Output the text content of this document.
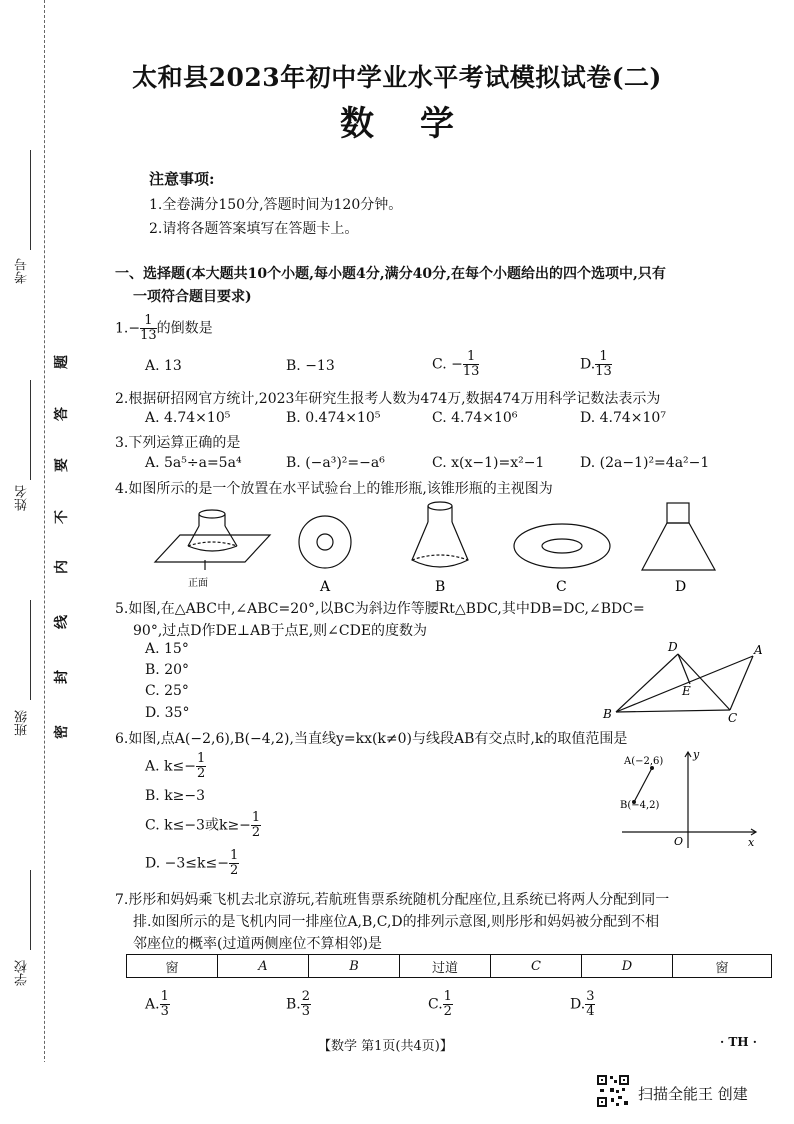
考号
姓名
班级
学校
密
封
线
内
不
要
答
题
太和县2023年初中学业水平考试模拟试卷(二)
数学
注意事项:
1.全卷满分150分,答题时间为120分钟。
2.请将各题答案填写在答题卡上。
一、选择题(本大题共10个小题,每小题4分,满分40分,在每个小题给出的四个选项中,只有
一项符合题目要求)
$1.- \frac{1}{13}$ 的倒数是
A. 13	B. −13	C. − $\frac{1}{13}$	D. $\frac{1}{13}$
2.根据研招网官方统计,2023年研究生报考人数为474万,数据474万用科学记数法表示为
A. 4.74×10⁵	B. 0.474×10⁵	C. 4.74×10⁶	D. 4.74×10⁷
3.下列运算正确的是
A. 5a⁵÷a=5a⁴	B. (−a³)²=−a⁶	C. x(x−1)=x²−1	D. (2a−1)²=4a²−1
4.如图所示的是一个放置在水平试验台上的锥形瓶,该锥形瓶的主视图为
正面	A	B	C	D
5.如图,在△ABC中,∠ABC=20°,以BC为斜边作等腰Rt△BDC,其中DB=DC,∠BDC=
90°,过点D作DE⊥AB于点E,则∠CDE的度数为
A. 15°
B. 20°
C. 25°
D. 35°
D	A
E
B	C
6.如图,点A(−2,6),B(−4,2),当直线y=kx(k≠0)与线段AB有交点时,k的取值范围是
A. $k\le- \frac{1}{2}$
B. k≥−3
C. k≤−3或$k\ge- \frac{1}{2}$
D. $-3\le k\le- \frac{1}{2}$
A(−2,6)
B(−4,2)
y
x
O
7.彤彤和妈妈乘飞机去北京游玩,若航班售票系统随机分配座位,且系统已将两人分配到同一
排.如图所示的是飞机内同一排座位A,B,C,D的排列示意图,则彤彤和妈妈被分配到不相
邻座位的概率(过道两侧座位不算相邻)是
窗	A	B	过道	C	D	窗
A. $\frac{1}{3}$	B. $\frac{2}{3}$	C. $\frac{1}{2}$	D. $\frac{3}{4}$
【数学 第1页(共4页)】	· TH ·
扫描全能王 创建
